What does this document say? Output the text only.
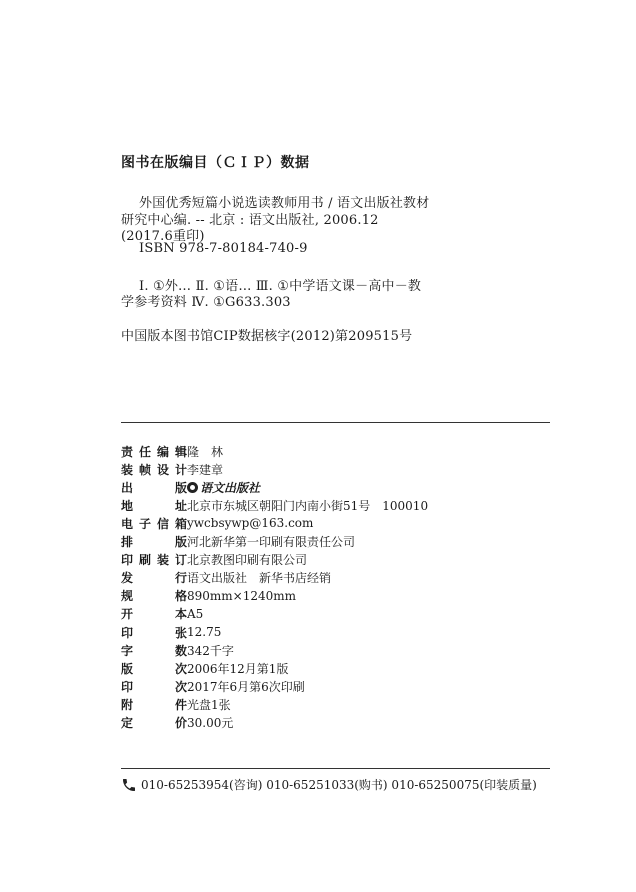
图书在版编目（ＣＩＰ）数据
外国优秀短篇小说选读教师用书 / 语文出版社教材
研究中心编. -- 北京 : 语文出版社, 2006.12
(2017.6重印)
ISBN 978-7-80184-740-9
Ⅰ. ①外… Ⅱ. ①语… Ⅲ. ①中学语文课－高中－教
学参考资料 Ⅳ. ①G633.303
中国版本图书馆CIP数据核字(2012)第209515号
责 任 编 辑 隆　林
装 帧 设 计 李建章
出	版 语文出版社
地	址 北京市东城区朝阳门内南小街51号　100010
电 子 信 箱 ywcbsywp@163.com
排	版 河北新华第一印刷有限责任公司
印 刷 装 订 北京教图印刷有限公司
发	行 语文出版社　新华书店经销
规	格 890mm×1240mm
开	本 A5
印	张 12.75
字	数 342千字
版	次 2006年12月第1版
印	次 2017年6月第6次印刷
附	件 光盘1张
定	价 30.00元
010-65253954(咨询) 010-65251033(购书) 010-65250075(印装质量)
